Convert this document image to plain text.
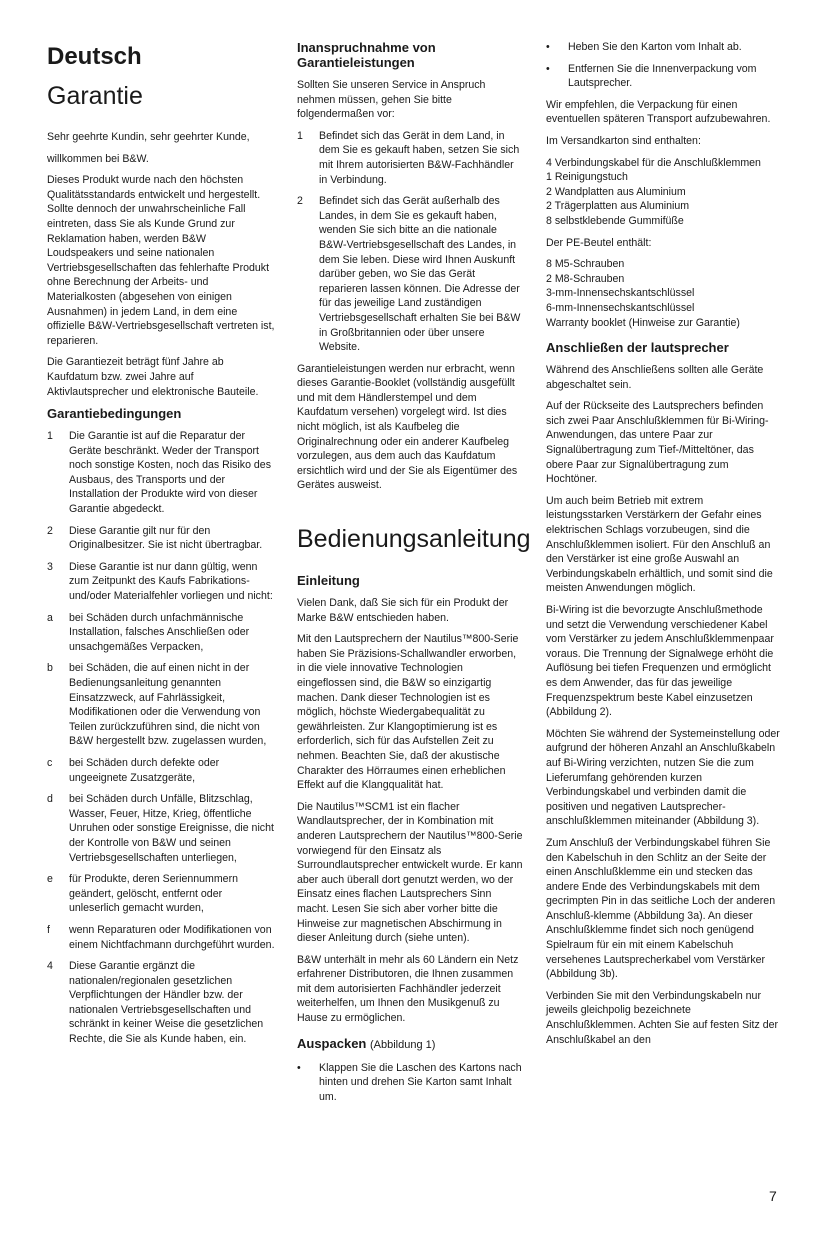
Deutsch
Garantie

Sehr geehrte Kundin, sehr geehrter Kunde,

willkommen bei B&W.

Dieses Produkt wurde nach den höchsten Qualitätsstandards entwickelt und hergestellt. Sollte dennoch der unwahrscheinliche Fall eintreten, dass Sie als Kunde Grund zur Reklamation haben, werden B&W Loudspeakers und seine nationalen Vertriebsgesellschaften das fehlerhafte Produkt ohne Berechnung der Arbeits- und Materialkosten (abgesehen von einigen Ausnahmen) in jedem Land, in dem eine offizielle B&W-Vertriebsgesellschaft vertreten ist, reparieren.

Die Garantiezeit beträgt fünf Jahre ab Kaufdatum bzw. zwei Jahre auf Aktivlautsprecher und elektronische Bauteile.

Garantiebedingungen
1	Die Garantie ist auf die Reparatur der Geräte beschränkt. Weder der Transport noch sonstige Kosten, noch das Risiko des Ausbaus, des Transports und der Installation der Produkte wird von dieser Garantie abgedeckt.
2	Diese Garantie gilt nur für den Originalbesitzer. Sie ist nicht übertragbar.
3	Diese Garantie ist nur dann gültig, wenn zum Zeitpunkt des Kaufs Fabrikations- und/oder Materialfehler vorliegen und nicht:
a	bei Schäden durch unfachmännische Installation, falsches Anschließen oder unsachgemäßes Verpacken,
b	bei Schäden, die auf einen nicht in der Bedienungsanleitung genannten Einsatzzweck, auf Fahrlässigkeit, Modifikationen oder die Verwendung von Teilen zurückzuführen sind, die nicht von B&W hergestellt bzw. zugelassen wurden,
c	bei Schäden durch defekte oder ungeeignete Zusatzgeräte,
d	bei Schäden durch Unfälle, Blitzschlag, Wasser, Feuer, Hitze, Krieg, öffentliche Unruhen oder sonstige Ereignisse, die nicht der Kontrolle von B&W und seinen Vertriebsgesellschaften unterliegen,
e	für Produkte, deren Seriennummern geändert, gelöscht, entfernt oder unleserlich gemacht wurden,
f	wenn Reparaturen oder Modifikationen von einem Nichtfachmann durchgeführt wurden.
4	Diese Garantie ergänzt die nationalen/regionalen gesetzlichen Verpflichtungen der Händler bzw. der nationalen Vertriebsgesellschaften und schränkt in keiner Weise die gesetzlichen Rechte, die Sie als Kunde haben, ein.
Inanspruchnahme von Garantieleistungen

Sollten Sie unseren Service in Anspruch nehmen müssen, gehen Sie bitte folgendermaßen vor:

1	Befindet sich das Gerät in dem Land, in dem Sie es gekauft haben, setzen Sie sich mit Ihrem autorisierten B&W-Fachhändler in Verbindung.
2	Befindet sich das Gerät außerhalb des Landes, in dem Sie es gekauft haben, wenden Sie sich bitte an die nationale B&W-Vertriebsgesellschaft des Landes, in dem Sie leben. Diese wird Ihnen Auskunft darüber geben, wo Sie das Gerät reparieren lassen können. Die Adresse der für das jeweilige Land zuständigen Vertriebsgesellschaft erhalten Sie bei B&W in Großbritannien oder über unsere Website.

Garantieleistungen werden nur erbracht, wenn dieses Garantie-Booklet (vollständig ausgefüllt und mit dem Händlerstempel und dem Kaufdatum versehen) vorgelegt wird. Ist dies nicht möglich, ist als Kaufbeleg die Originalrechnung oder ein anderer Kaufbeleg vorzulegen, aus dem auch das Kaufdatum ersichtlich wird und der Sie als Eigentümer des Gerätes ausweist.

Bedienungsanleitung
Einleitung

Vielen Dank, daß Sie sich für ein Produkt der Marke B&W entschieden haben.

Mit den Lautsprechern der Nautilus™800-Serie haben Sie Präzisions-Schallwandler erworben, in die viele innovative Technologien eingeflossen sind, die B&W so einzigartig machen. Dank dieser Technologien ist es möglich, höchste Wiedergabequalität zu gewährleisten. Zur Klangoptimierung ist es erforderlich, sich für das Aufstellen Zeit zu nehmen. Beachten Sie, daß der akustische Charakter des Hörraumes einen erheblichen Effekt auf die Klangqualität hat.

Die Nautilus™SCM1 ist ein flacher Wandlautsprecher, der in Kombination mit anderen Lautsprechern der Nautilus™800-Serie vorwiegend für den Einsatz als Surroundlautsprecher entwickelt wurde. Er kann aber auch überall dort genutzt werden, wo der Einsatz eines flachen Lautsprechers Sinn macht. Lesen Sie sich aber vorher bitte die Hinweise zur magnetischen Abschirmung in dieser Anleitung durch (siehe unten).

B&W unterhält in mehr als 60 Ländern ein Netz erfahrener Distributoren, die Ihnen zusammen mit dem autorisierten Fachhändler jederzeit weiterhelfen, um Ihnen den Musikgenuß zu Hause zu ermöglichen.

Auspacken (Abbildung 1)
•	Klappen Sie die Laschen des Kartons nach hinten und drehen Sie Karton samt Inhalt um.
•	Heben Sie den Karton vom Inhalt ab.
•	Entfernen Sie die Innenverpackung vom Lautsprecher.

Wir empfehlen, die Verpackung für einen eventuellen späteren Transport aufzubewahren.

Im Versandkarton sind enthalten:

4 Verbindungskabel für die Anschlußklemmen
1 Reinigungstuch
2 Wandplatten aus Aluminium
2 Trägerplatten aus Aluminium
8 selbstklebende Gummifüße

Der PE-Beutel enthält:

8 M5-Schrauben
2 M8-Schrauben
3-mm-Innensechskantschlüssel
6-mm-Innensechskantschlüssel
Warranty booklet (Hinweise zur Garantie)

Anschließen der lautsprecher

Während des Anschließens sollten alle Geräte abgeschaltet sein.

Auf der Rückseite des Lautsprechers befinden sich zwei Paar Anschlußklemmen für Bi-Wiring-Anwendungen, das untere Paar zur Signalübertragung zum Tief-/Mitteltöner, das obere Paar zur Signalübertragung zum Hochtöner.

Um auch beim Betrieb mit extrem leistungsstarken Verstärkern der Gefahr eines elektrischen Schlags vorzubeugen, sind die Anschlußklemmen isoliert. Für den Anschluß an den Verstärker ist eine große Auswahl an Verbindungskabeln erhältlich, und somit sind die meisten Anwendungen möglich.

Bi-Wiring ist die bevorzugte Anschlußmethode und setzt die Verwendung verschiedener Kabel vom Verstärker zu jedem Anschlußklemmenpaar voraus. Die Trennung der Signalwege erhöht die Auflösung bei tiefen Frequenzen und ermöglicht es dem Anwender, das für das jeweilige Frequenzspektrum beste Kabel einzusetzen (Abbildung 2).

Möchten Sie während der Systemeinstellung oder aufgrund der höheren Anzahl an Anschlußkabeln auf Bi-Wiring verzichten, nutzen Sie die zum Lieferumfang gehörenden kurzen Verbindungskabel und verbinden damit die positiven und negativen Lautsprecher-anschlußklemmen miteinander (Abbildung 3).

Zum Anschluß der Verbindungskabel führen Sie den Kabelschuh in den Schlitz an der Seite der einen Anschlußklemme ein und stecken das andere Ende des Verbindungskabels mit dem gecrimpten Pin in das seitliche Loch der anderen Anschluß-klemme (Abbildung 3a). An dieser Anschlußklemme findet sich noch genügend Spielraum für ein mit einem Kabelschuh versehenes Lautsprecherkabel vom Verstärker (Abbildung 3b).

Verbinden Sie mit den Verbindungskabeln nur jeweils gleichpolig bezeichnete Anschlußklemmen. Achten Sie auf festen Sitz der Anschlußkabel an den

7
